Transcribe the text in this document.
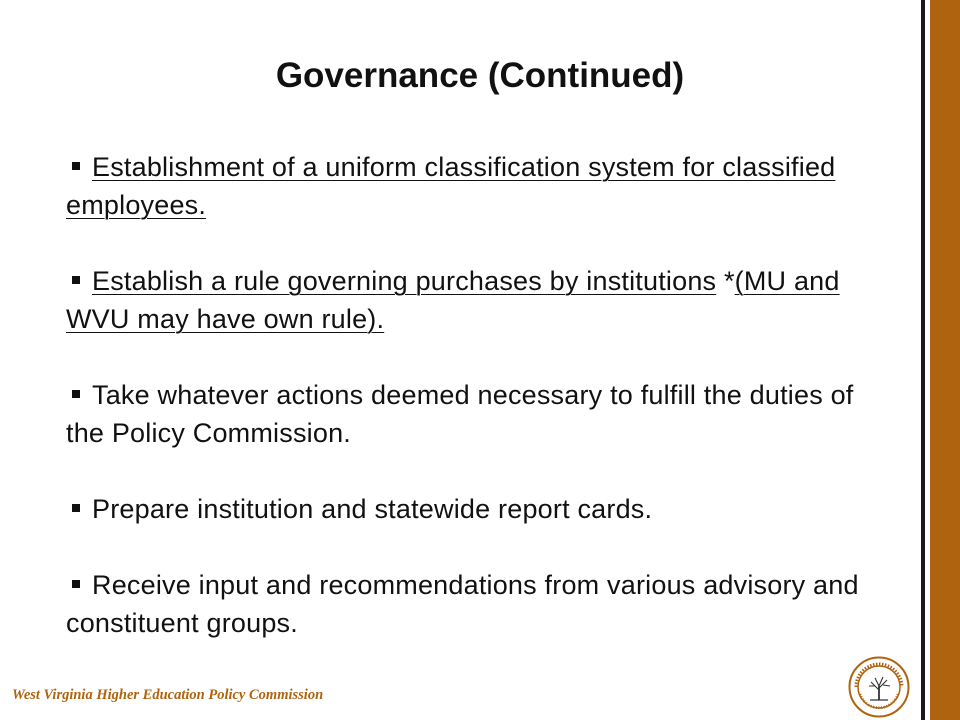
Governance (Continued)
Establishment of a uniform classification system for classified employees.
Establish a rule governing purchases by institutions *(MU and WVU may have own rule).
Take whatever actions deemed necessary to fulfill the duties of the Policy Commission.
Prepare institution and statewide report cards.
Receive input and recommendations from various advisory and constituent groups.
West Virginia Higher Education Policy Commission
